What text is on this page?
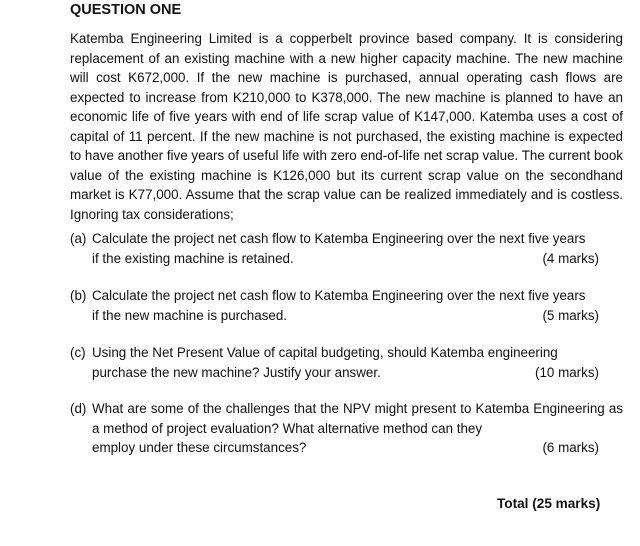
QUESTION ONE

Katemba Engineering Limited is a copperbelt province based company. It is considering replacement of an existing machine with a new higher capacity machine. The new machine will cost K672,000. If the new machine is purchased, annual operating cash flows are expected to increase from K210,000 to K378,000. The new machine is planned to have an economic life of five years with end of life scrap value of K147,000. Katemba uses a cost of capital of 11 percent. If the new machine is not purchased, the existing machine is expected to have another five years of useful life with zero end-of-life net scrap value. The current book value of the existing machine is K126,000 but its current scrap value on the secondhand market is K77,000. Assume that the scrap value can be realized immediately and is costless. Ignoring tax considerations;

(a) Calculate the project net cash flow to Katemba Engineering over the next five years
if the existing machine is retained.	(4 marks)
(b) Calculate the project net cash flow to Katemba Engineering over the next five years
if the new machine is purchased.	(5 marks)
(c) Using the Net Present Value of capital budgeting, should Katemba engineering
purchase the new machine? Justify your answer.	(10 marks)
(d) What are some of the challenges that the NPV might present to Katemba Engineering as a method of project evaluation? What alternative method can they
employ under these circumstances?	(6 marks)
Total (25 marks)
